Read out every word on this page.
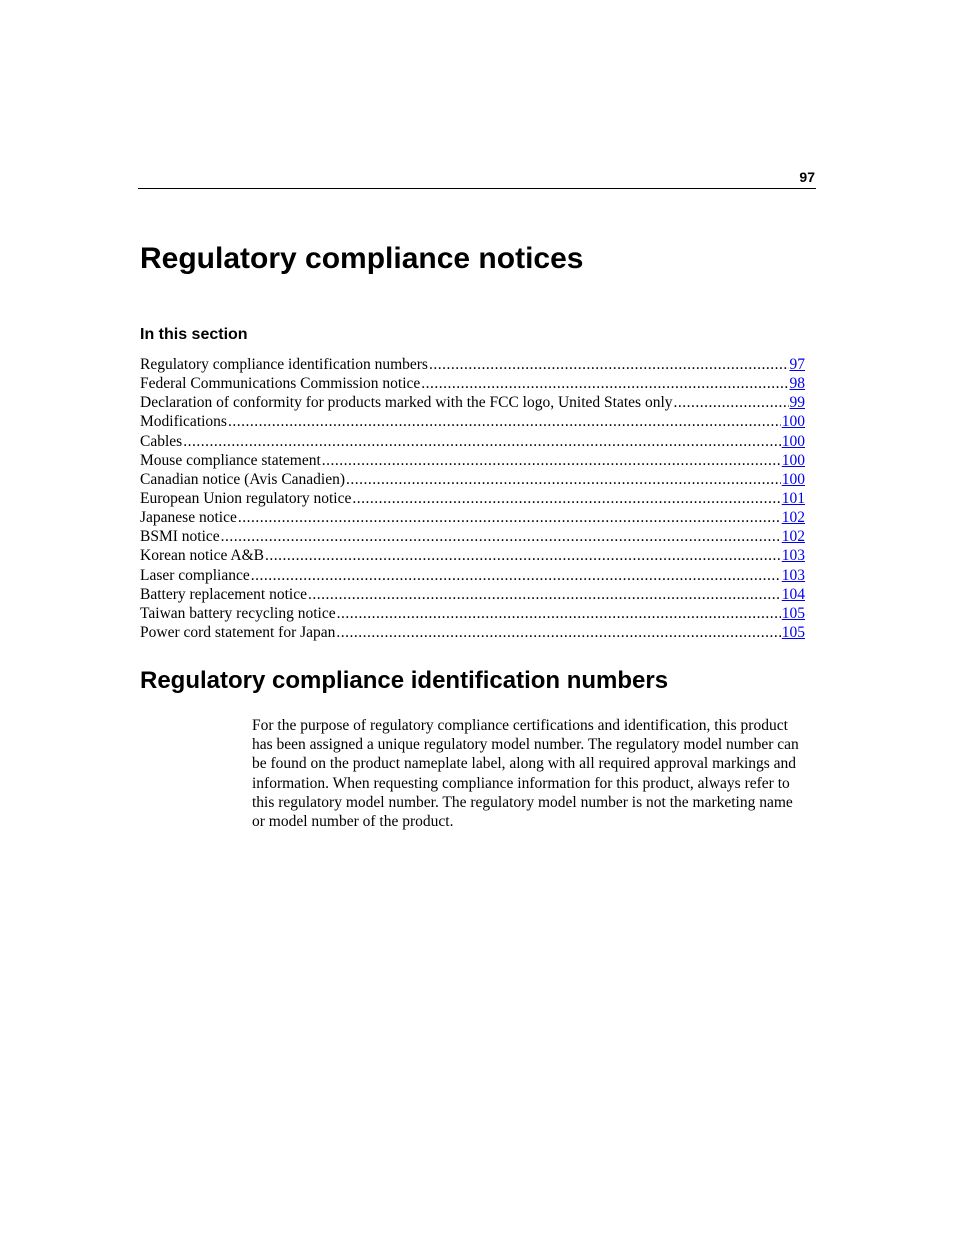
97
Regulatory compliance notices
In this section
Regulatory compliance identification numbers .....	97
Federal Communications Commission notice .....	98
Declaration of conformity for products marked with the FCC logo, United States only .....	99
Modifications .....	100
Cables .....	100
Mouse compliance statement .....	100
Canadian notice (Avis Canadien) .....	100
European Union regulatory notice .....	101
Japanese notice .....	102
BSMI notice .....	102
Korean notice A&B .....	103
Laser compliance .....	103
Battery replacement notice .....	104
Taiwan battery recycling notice .....	105
Power cord statement for Japan .....	105
Regulatory compliance identification numbers

For the purpose of regulatory compliance certifications and identification, this product has been assigned a unique regulatory model number. The regulatory model number can be found on the product nameplate label, along with all required approval markings and information. When requesting compliance information for this product, always refer to this regulatory model number. The regulatory model number is not the marketing name or model number of the product.
